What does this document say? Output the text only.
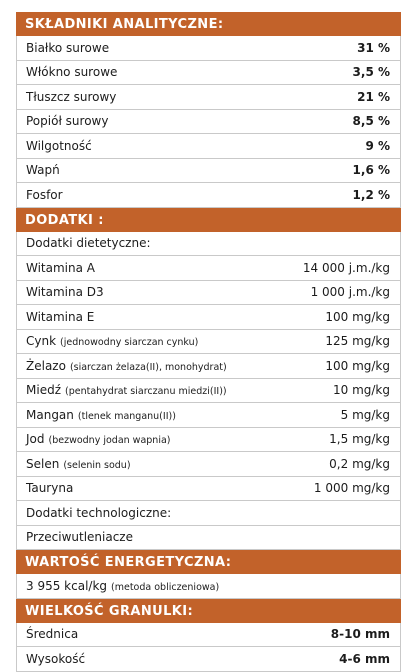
SKŁADNIKI ANALITYCZNE:
Białko surowe	31 %
Włókno surowe	3,5 %
Tłuszcz surowy	21 %
Popiół surowy	8,5 %
Wilgotność	9 %
Wapń	1,6 %
Fosfor	1,2 %
DODATKI :
Dodatki dietetyczne:
Witamina A	14 000 j.m./kg
Witamina D3	1 000 j.m./kg
Witamina E	100 mg/kg
Cynk (jednowodny siarczan cynku)	125 mg/kg
Żelazo (siarczan żelaza(II), monohydrat)	100 mg/kg
Miedź (pentahydrat siarczanu miedzi(II))	10 mg/kg
Mangan (tlenek manganu(II))	5 mg/kg
Jod (bezwodny jodan wapnia)	1,5 mg/kg
Selen (selenin sodu)	0,2 mg/kg
Tauryna	1 000 mg/kg
Dodatki technologiczne:
Przeciwutleniacze
WARTOŚĆ ENERGETYCZNA:
3 955 kcal/kg (metoda obliczeniowa)
WIELKOŚĆ GRANULKI:
Średnica	8-10 mm
Wysokość	4-6 mm
